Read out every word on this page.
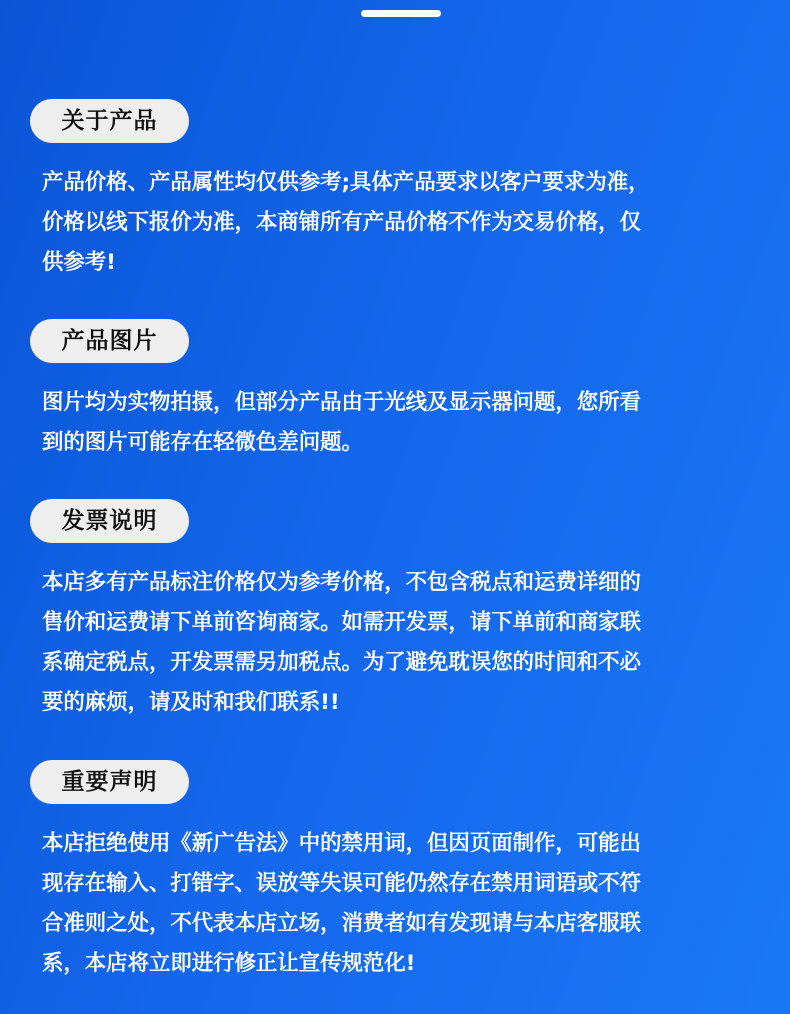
关于产品

产品价格、产品属性均仅供参考;具体产品要求以客户要求为准，
价格以线下报价为准，本商铺所有产品价格不作为交易价格，仅
供参考!

产品图片

图片均为实物拍摄，但部分产品由于光线及显示器问题，您所看
到的图片可能存在轻微色差问题。

发票说明

本店多有产品标注价格仅为参考价格，不包含税点和运费详细的
售价和运费请下单前咨询商家。如需开发票，请下单前和商家联
系确定税点，开发票需另加税点。为了避免耽误您的时间和不必
要的麻烦，请及时和我们联系!!

重要声明

本店拒绝使用《新广告法》中的禁用词，但因页面制作，可能出
现存在输入、打错字、误放等失误可能仍然存在禁用词语或不符
合准则之处，不代表本店立场，消费者如有发现请与本店客服联
系，本店将立即进行修正让宣传规范化!
